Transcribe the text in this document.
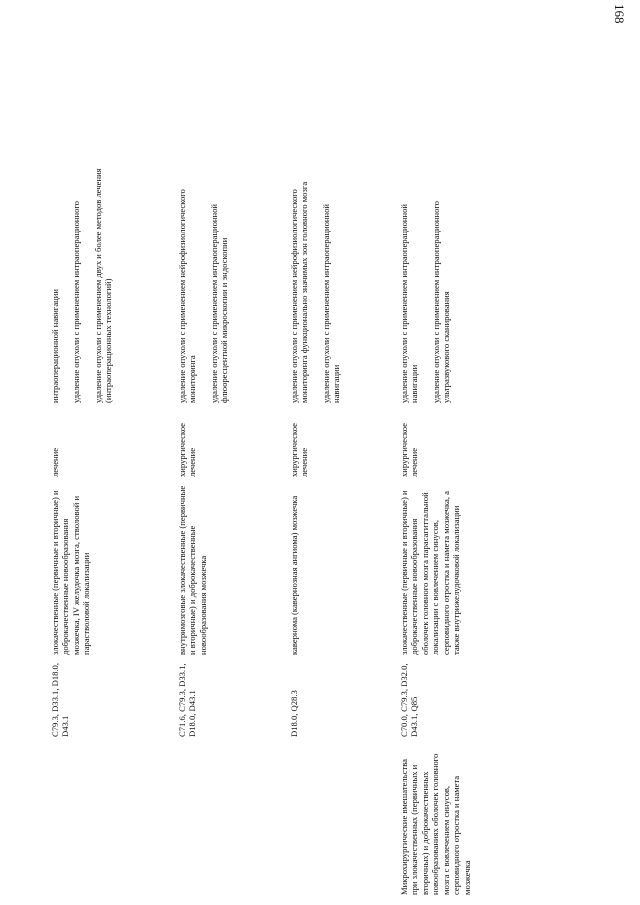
168
C79.3, D33.1, D18.0, D43.1
злокачественные (первичные и вторичные) и доброкачественные новообразования мозжечка, IV желудочка мозга, стволовой и парастволовой локализации
лечение
интраоперационной навигации удаление опухоли с применением интраоперационного удаление опухоли с применением двух и более методов лечения (интраоперационных технологий)
C71.6, C79.3, D33.1, D18.0, D43.1
внутримозговые злокачественные (первичные и вторичные) и доброкачественные новообразования мозжечка
хирургическое лечение
удаление опухоли с применением нейрофизиологического мониторинга удаление опухоли с применением интраоперационной флюоресцентной микроскопии и эндоскопии
D18.0, Q28.3
кавернома (кавернозная ангиома) мозжечка
хирургическое лечение
удаление опухоли с применением нейрофизиологического мониторинга функционально значимых зон головного мозга удаление опухоли с применением интраоперационной навигации
Микрохирургические вмешательства при злокачественных (первичных и вторичных) и доброкачественных новообразованиях оболочек головного мозга с вовлечением синусов, серповидного отростка и намета мозжечка
C70.0, C79.3, D32.0, D43.1, Q85
злокачественные (первичные и вторичные) и доброкачественные новообразования оболочек головного мозга парасагиттальной локализации с вовлечением синусов, серповидного отростка и намета мозжечка, а также внутрижелудочковой локализации
хирургическое лечение
удаление опухоли с применением интраоперационной навигации удаление опухоли с применением интраоперационного ультразвукового сканирования
